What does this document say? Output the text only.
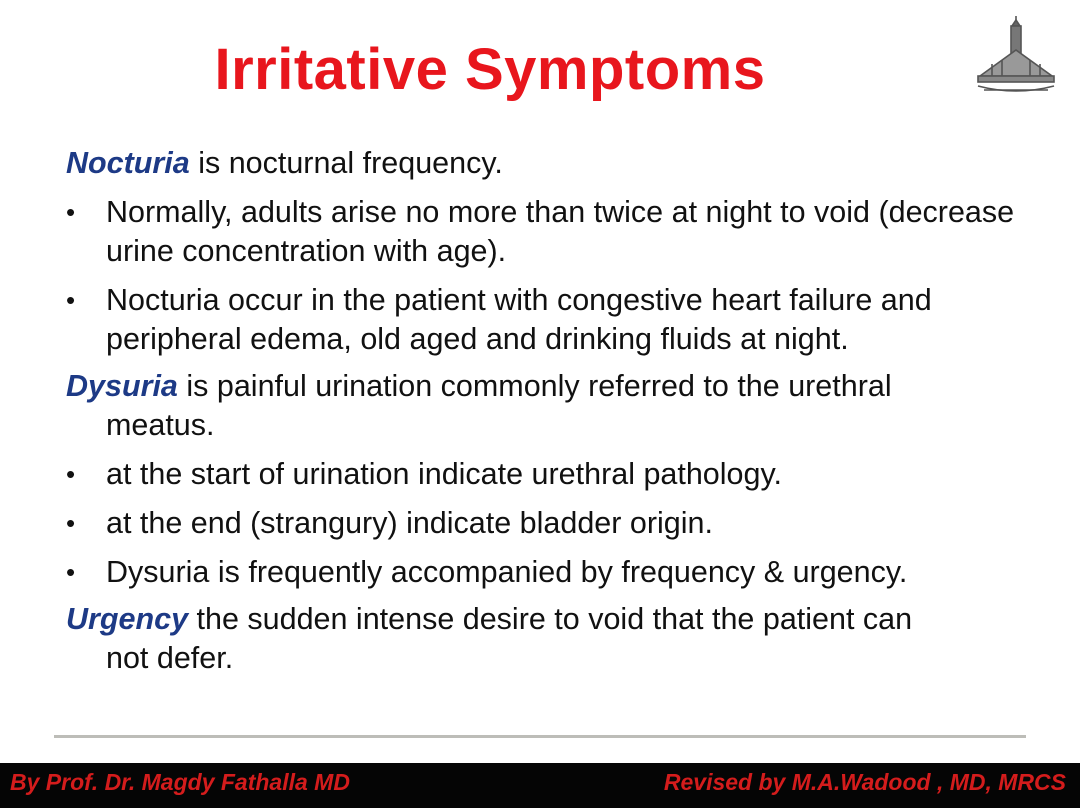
Irritative Symptoms
Nocturia is nocturnal frequency.
•	Normally, adults arise no more than twice at night to void (decrease urine concentration with age).
•	Nocturia occur in the patient with congestive heart failure and peripheral edema, old aged and drinking fluids at night.
Dysuria is painful urination commonly referred to the urethral
meatus.
•	at the start of urination indicate urethral pathology.
•	at the end (strangury) indicate bladder origin.
•	Dysuria is frequently accompanied by frequency & urgency.
Urgency the sudden intense desire to void that the patient can
not defer.
By Prof. Dr. Magdy Fathalla MD	Revised by M.A.Wadood , MD, MRCS
